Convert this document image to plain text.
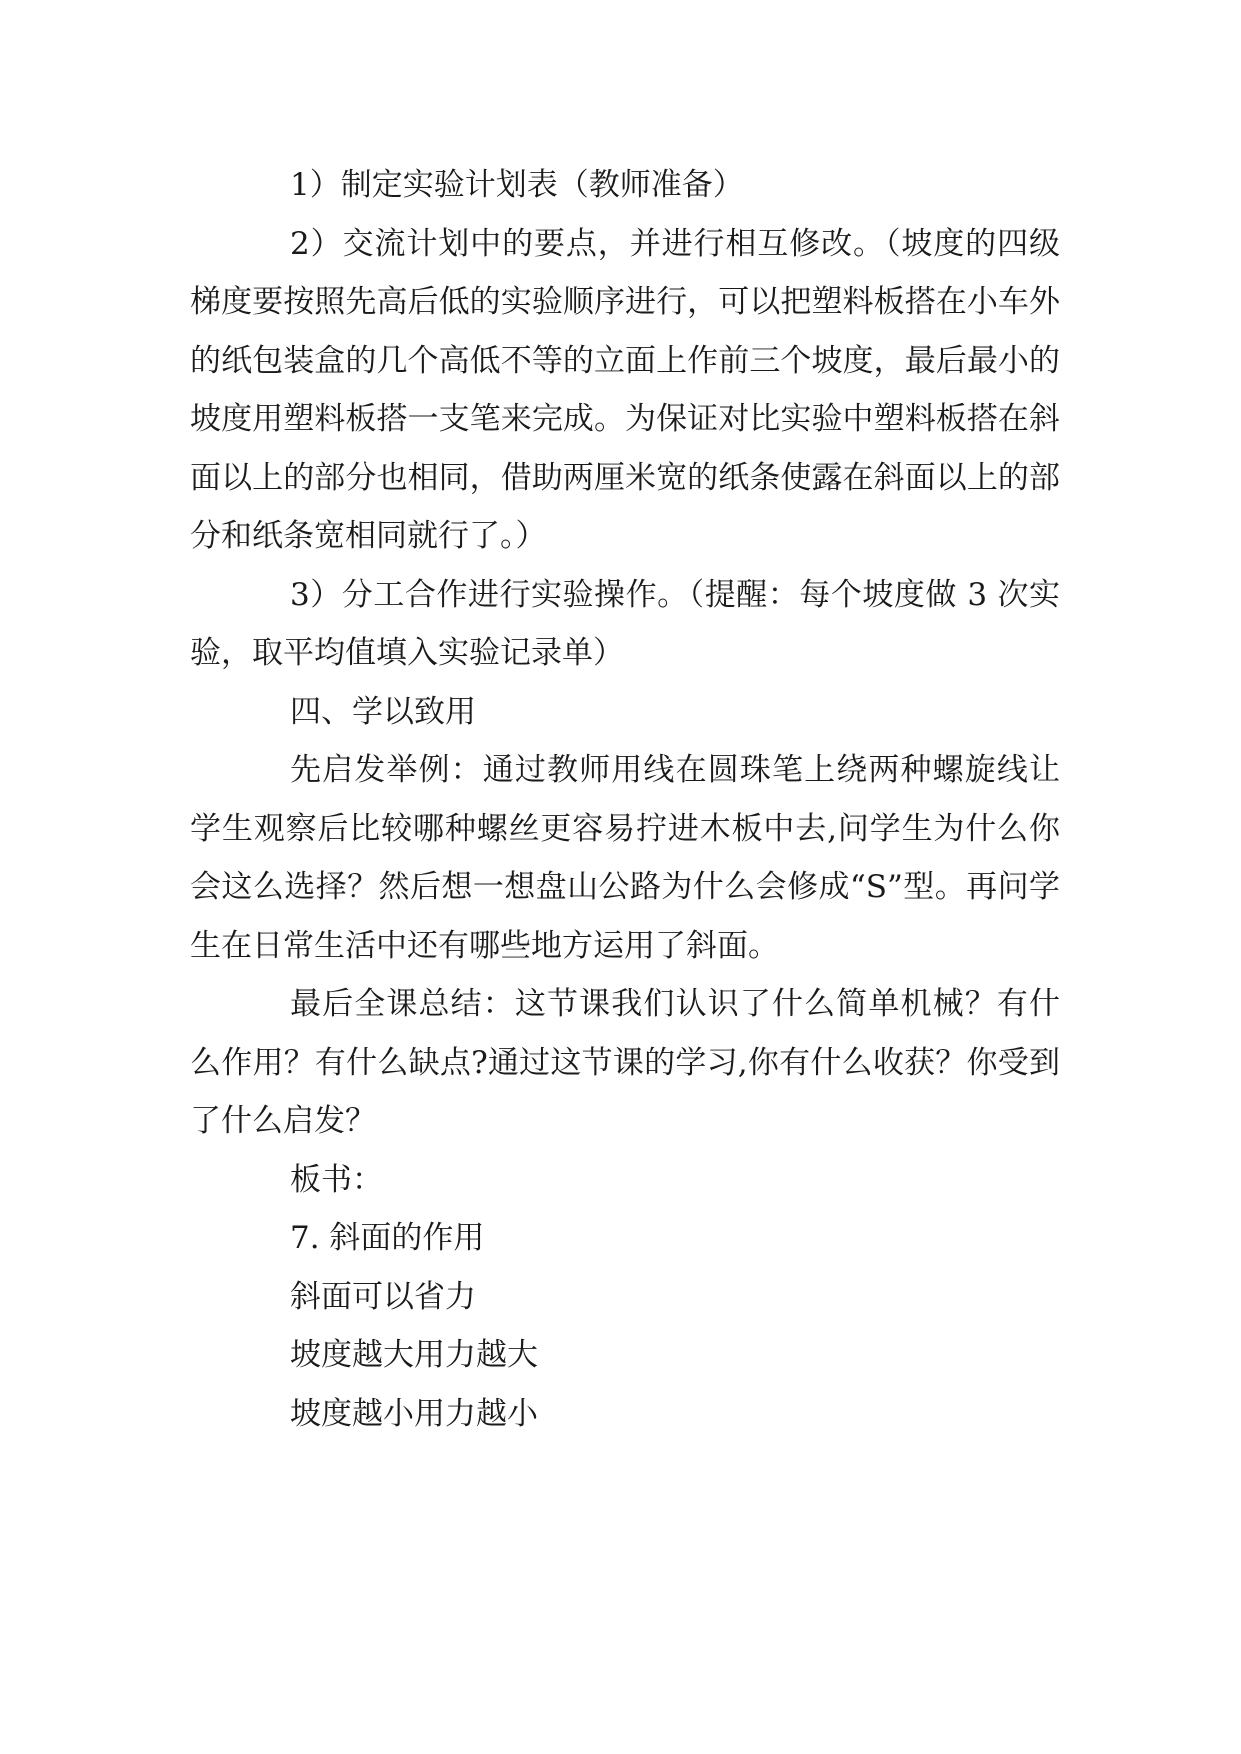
1）制定实验计划表（教师准备）

2）交流计划中的要点，并进行相互修改。（坡度的四级梯度要按照先高后低的实验顺序进行，可以把塑料板搭在小车外的纸包装盒的几个高低不等的立面上作前三个坡度，最后最小的坡度用塑料板搭一支笔来完成。为保证对比实验中塑料板搭在斜面以上的部分也相同，借助两厘米宽的纸条使露在斜面以上的部分和纸条宽相同就行了。）

3）分工合作进行实验操作。（提醒：每个坡度做 3 次实验，取平均值填入实验记录单）

四、学以致用

先启发举例：通过教师用线在圆珠笔上绕两种螺旋线让学生观察后比较哪种螺丝更容易拧进木板中去,问学生为什么你会这么选择？然后想一想盘山公路为什么会修成“S”型。再问学生在日常生活中还有哪些地方运用了斜面。

最后全课总结：这节课我们认识了什么简单机械？有什么作用？有什么缺点?通过这节课的学习,你有什么收获？你受到了什么启发？

板书：

7. 斜面的作用

斜面可以省力

坡度越大用力越大

坡度越小用力越小
